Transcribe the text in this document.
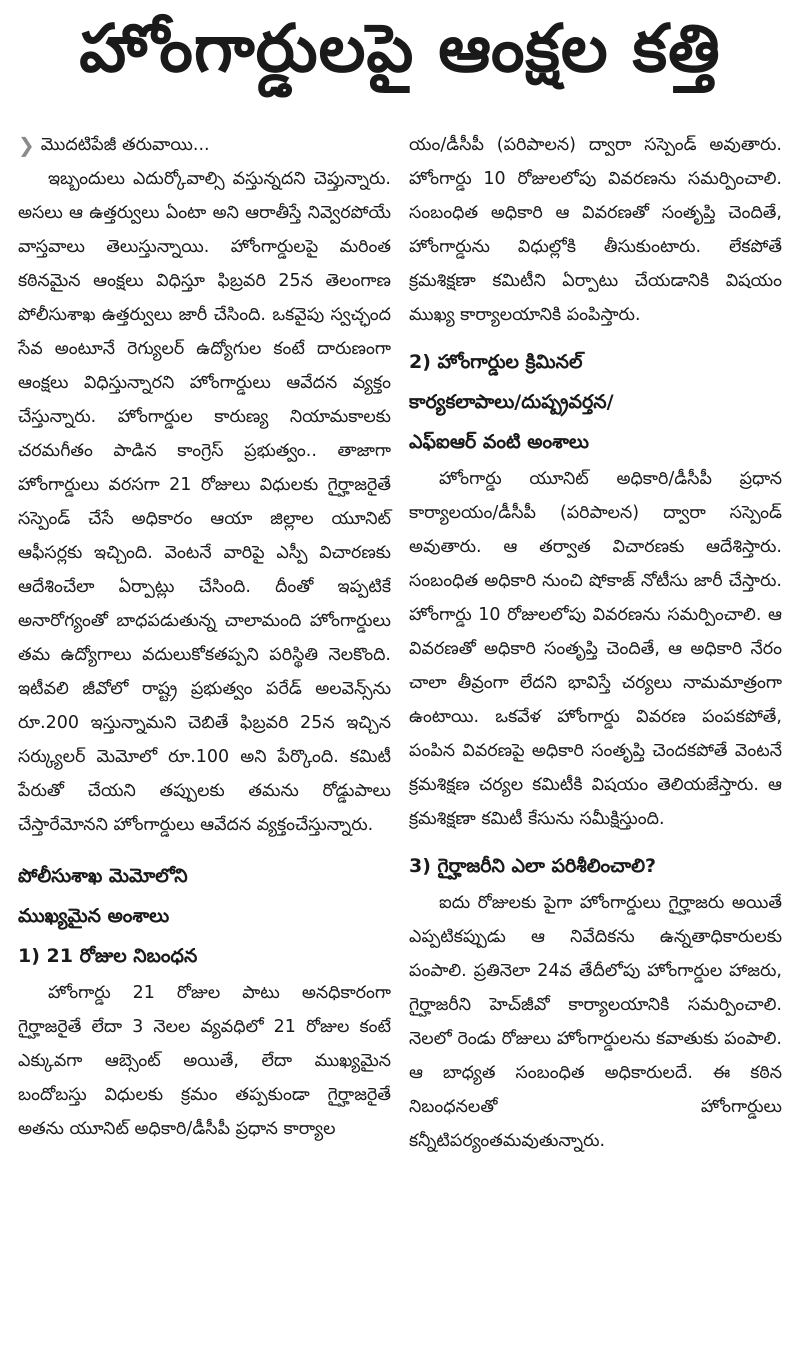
హోంగార్డులపై ఆంక్షల కత్తి
❯ మొదటిపేజీ తరువాయి...

ఇబ్బందులు ఎదుర్కోవాల్సి వస్తున్నదని చెప్తున్నారు. అసలు ఆ ఉత్తర్వులు ఏంటా అని ఆరాతీస్తే నివ్వెరపోయే వాస్తవాలు తెలుస్తున్నాయి. హోంగార్డులపై మరింత కఠినమైన ఆంక్షలు విధిస్తూ ఫిబ్రవరి 25న తెలంగాణ పోలీసుశాఖ ఉత్తర్వులు జారీ చేసింది. ఒకవైపు స్వచ్ఛంద సేవ అంటూనే రెగ్యులర్ ఉద్యోగుల కంటే దారుణంగా ఆంక్షలు విధిస్తున్నారని హోంగార్డులు ఆవేదన వ్యక్తం చేస్తున్నారు. హోంగార్డుల కారుణ్య నియామకాలకు చరమగీతం పాడిన కాంగ్రెస్ ప్రభుత్వం.. తాజాగా హోంగార్డులు వరసగా 21 రోజులు విధులకు గైర్హాజరైతే సస్పెండ్ చేసే అధికారం ఆయా జిల్లాల యూనిట్ ఆఫీసర్లకు ఇచ్చింది. వెంటనే వారిపై ఎస్పీ విచారణకు ఆదేశించేలా ఏర్పాట్లు చేసింది. దీంతో ఇప్పటికే అనారోగ్యంతో బాధపడుతున్న చాలామంది హోంగార్డులు తమ ఉద్యోగాలు వదులుకోకతప్పని పరిస్థితి నెలకొంది. ఇటీవలి జీవోలో రాష్ట్ర ప్రభుత్వం పరేడ్ అలవెన్స్‌ను రూ.200 ఇస్తున్నామని చెబితే ఫిబ్రవరి 25న ఇచ్చిన సర్క్యులర్ మెమోలో రూ.100 అని పేర్కొంది. కమిటీ పేరుతో చేయని తప్పులకు తమను రోడ్డుపాలు చేస్తారేమోనని హోంగార్డులు ఆవేదన వ్యక్తంచేస్తున్నారు.

పోలీసుశాఖ మెమోలోని
ముఖ్యమైన అంశాలు
1) 21 రోజుల నిబంధన

హోంగార్డు 21 రోజుల పాటు అనధికారంగా గైర్హాజరైతే లేదా 3 నెలల వ్యవధిలో 21 రోజుల కంటే ఎక్కువగా ఆబ్సెంట్ అయితే, లేదా ముఖ్యమైన బందోబస్తు విధులకు క్రమం తప్పకుండా గైర్హాజరైతే అతను యూనిట్ అధికారి/డీసీపీ ప్రధాన కార్యాల

యం/డీసీపీ (పరిపాలన) ద్వారా సస్పెండ్ అవుతారు. హోంగార్డు 10 రోజులలోపు వివరణను సమర్పించాలి. సంబంధిత అధికారి ఆ వివరణతో సంతృప్తి చెందితే, హోంగార్డును విధుల్లోకి తీసుకుంటారు. లేకపోతే క్రమశిక్షణా కమిటీని ఏర్పాటు చేయడానికి విషయం ముఖ్య కార్యాలయానికి పంపిస్తారు.

2) హోంగార్డుల క్రిమినల్
కార్యకలాపాలు/దుష్ప్రవర్తన/
ఎఫ్ఐఆర్ వంటి అంశాలు

హోంగార్డు యూనిట్ అధికారి/డీసీపీ ప్రధాన కార్యాలయం/డీసీపీ (పరిపాలన) ద్వారా సస్పెండ్ అవుతారు. ఆ తర్వాత విచారణకు ఆదేశిస్తారు. సంబంధిత అధికారి నుంచి షోకాజ్ నోటీసు జారీ చేస్తారు. హోంగార్డు 10 రోజులలోపు వివరణను సమర్పించాలి. ఆ వివరణతో అధికారి సంతృప్తి చెందితే, ఆ అధికారి నేరం చాలా తీవ్రంగా లేదని భావిస్తే చర్యలు నామమాత్రంగా ఉంటాయి. ఒకవేళ హోంగార్డు వివరణ పంపకపోతే, పంపిన వివరణపై అధికారి సంతృప్తి చెందకపోతే వెంటనే క్రమశిక్షణ చర్యల కమిటీకి విషయం తెలియజేస్తారు. ఆ క్రమశిక్షణా కమిటీ కేసును సమీక్షిస్తుంది.

3) గైర్హాజరీని ఎలా పరిశీలించాలి?

ఐదు రోజులకు పైగా హోంగార్డులు గైర్హాజరు అయితే ఎప్పటికప్పుడు ఆ నివేదికను ఉన్నతాధికారులకు పంపాలి. ప్రతినెలా 24వ తేదీలోపు హోంగార్డుల హాజరు, గైర్హాజరీని హెచ్‌జీవో కార్యాలయానికి సమర్పించాలి. నెలలో రెండు రోజులు హోంగార్డులను కవాతుకు పంపాలి. ఆ బాధ్యత సంబంధిత అధికారులదే. ఈ కఠిన నిబంధనలతో హోంగార్డులు కన్నీటిపర్యంతమవుతున్నారు.
